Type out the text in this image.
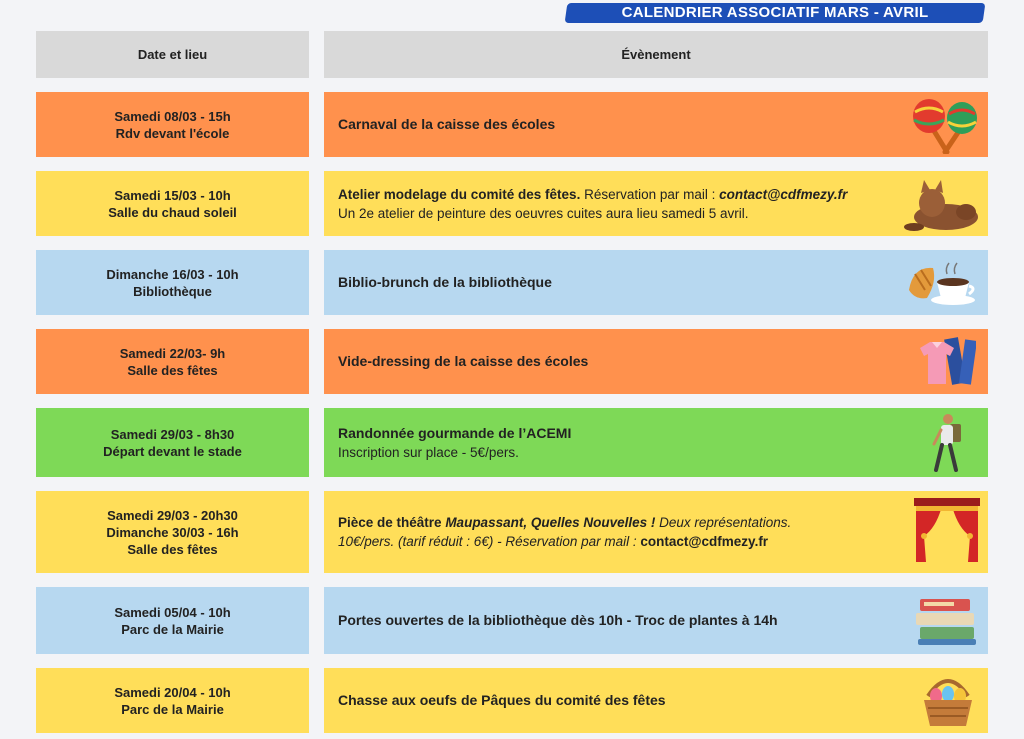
CALENDRIER ASSOCIATIF MARS - AVRIL
Date et lieu	Évènement
Samedi 08/03 - 15h
Rdv devant l'école
Carnaval de la caisse des écoles
Samedi 15/03 - 10h
Salle du chaud soleil
Atelier modelage du comité des fêtes. Réservation par mail : contact@cdfmezy.fr
Un 2e atelier de peinture des oeuvres cuites aura lieu samedi 5 avril.
Dimanche 16/03 - 10h
Bibliothèque
Biblio-brunch de la bibliothèque
Samedi 22/03- 9h
Salle des fêtes
Vide-dressing de la caisse des écoles
Samedi 29/03 - 8h30
Départ devant le stade
Randonnée gourmande de l’ACEMI
Inscription sur place - 5€/pers.
Samedi 29/03 - 20h30
Dimanche 30/03 - 16h
Salle des fêtes
Pièce de théâtre Maupassant, Quelles Nouvelles ! Deux représentations.
10€/pers. (tarif réduit : 6€) - Réservation par mail : contact@cdfmezy.fr
Samedi 05/04 - 10h
Parc de la Mairie
Portes ouvertes de la bibliothèque dès 10h - Troc de plantes à 14h
Samedi 20/04 - 10h
Parc de la Mairie
Chasse aux oeufs de Pâques du comité des fêtes
